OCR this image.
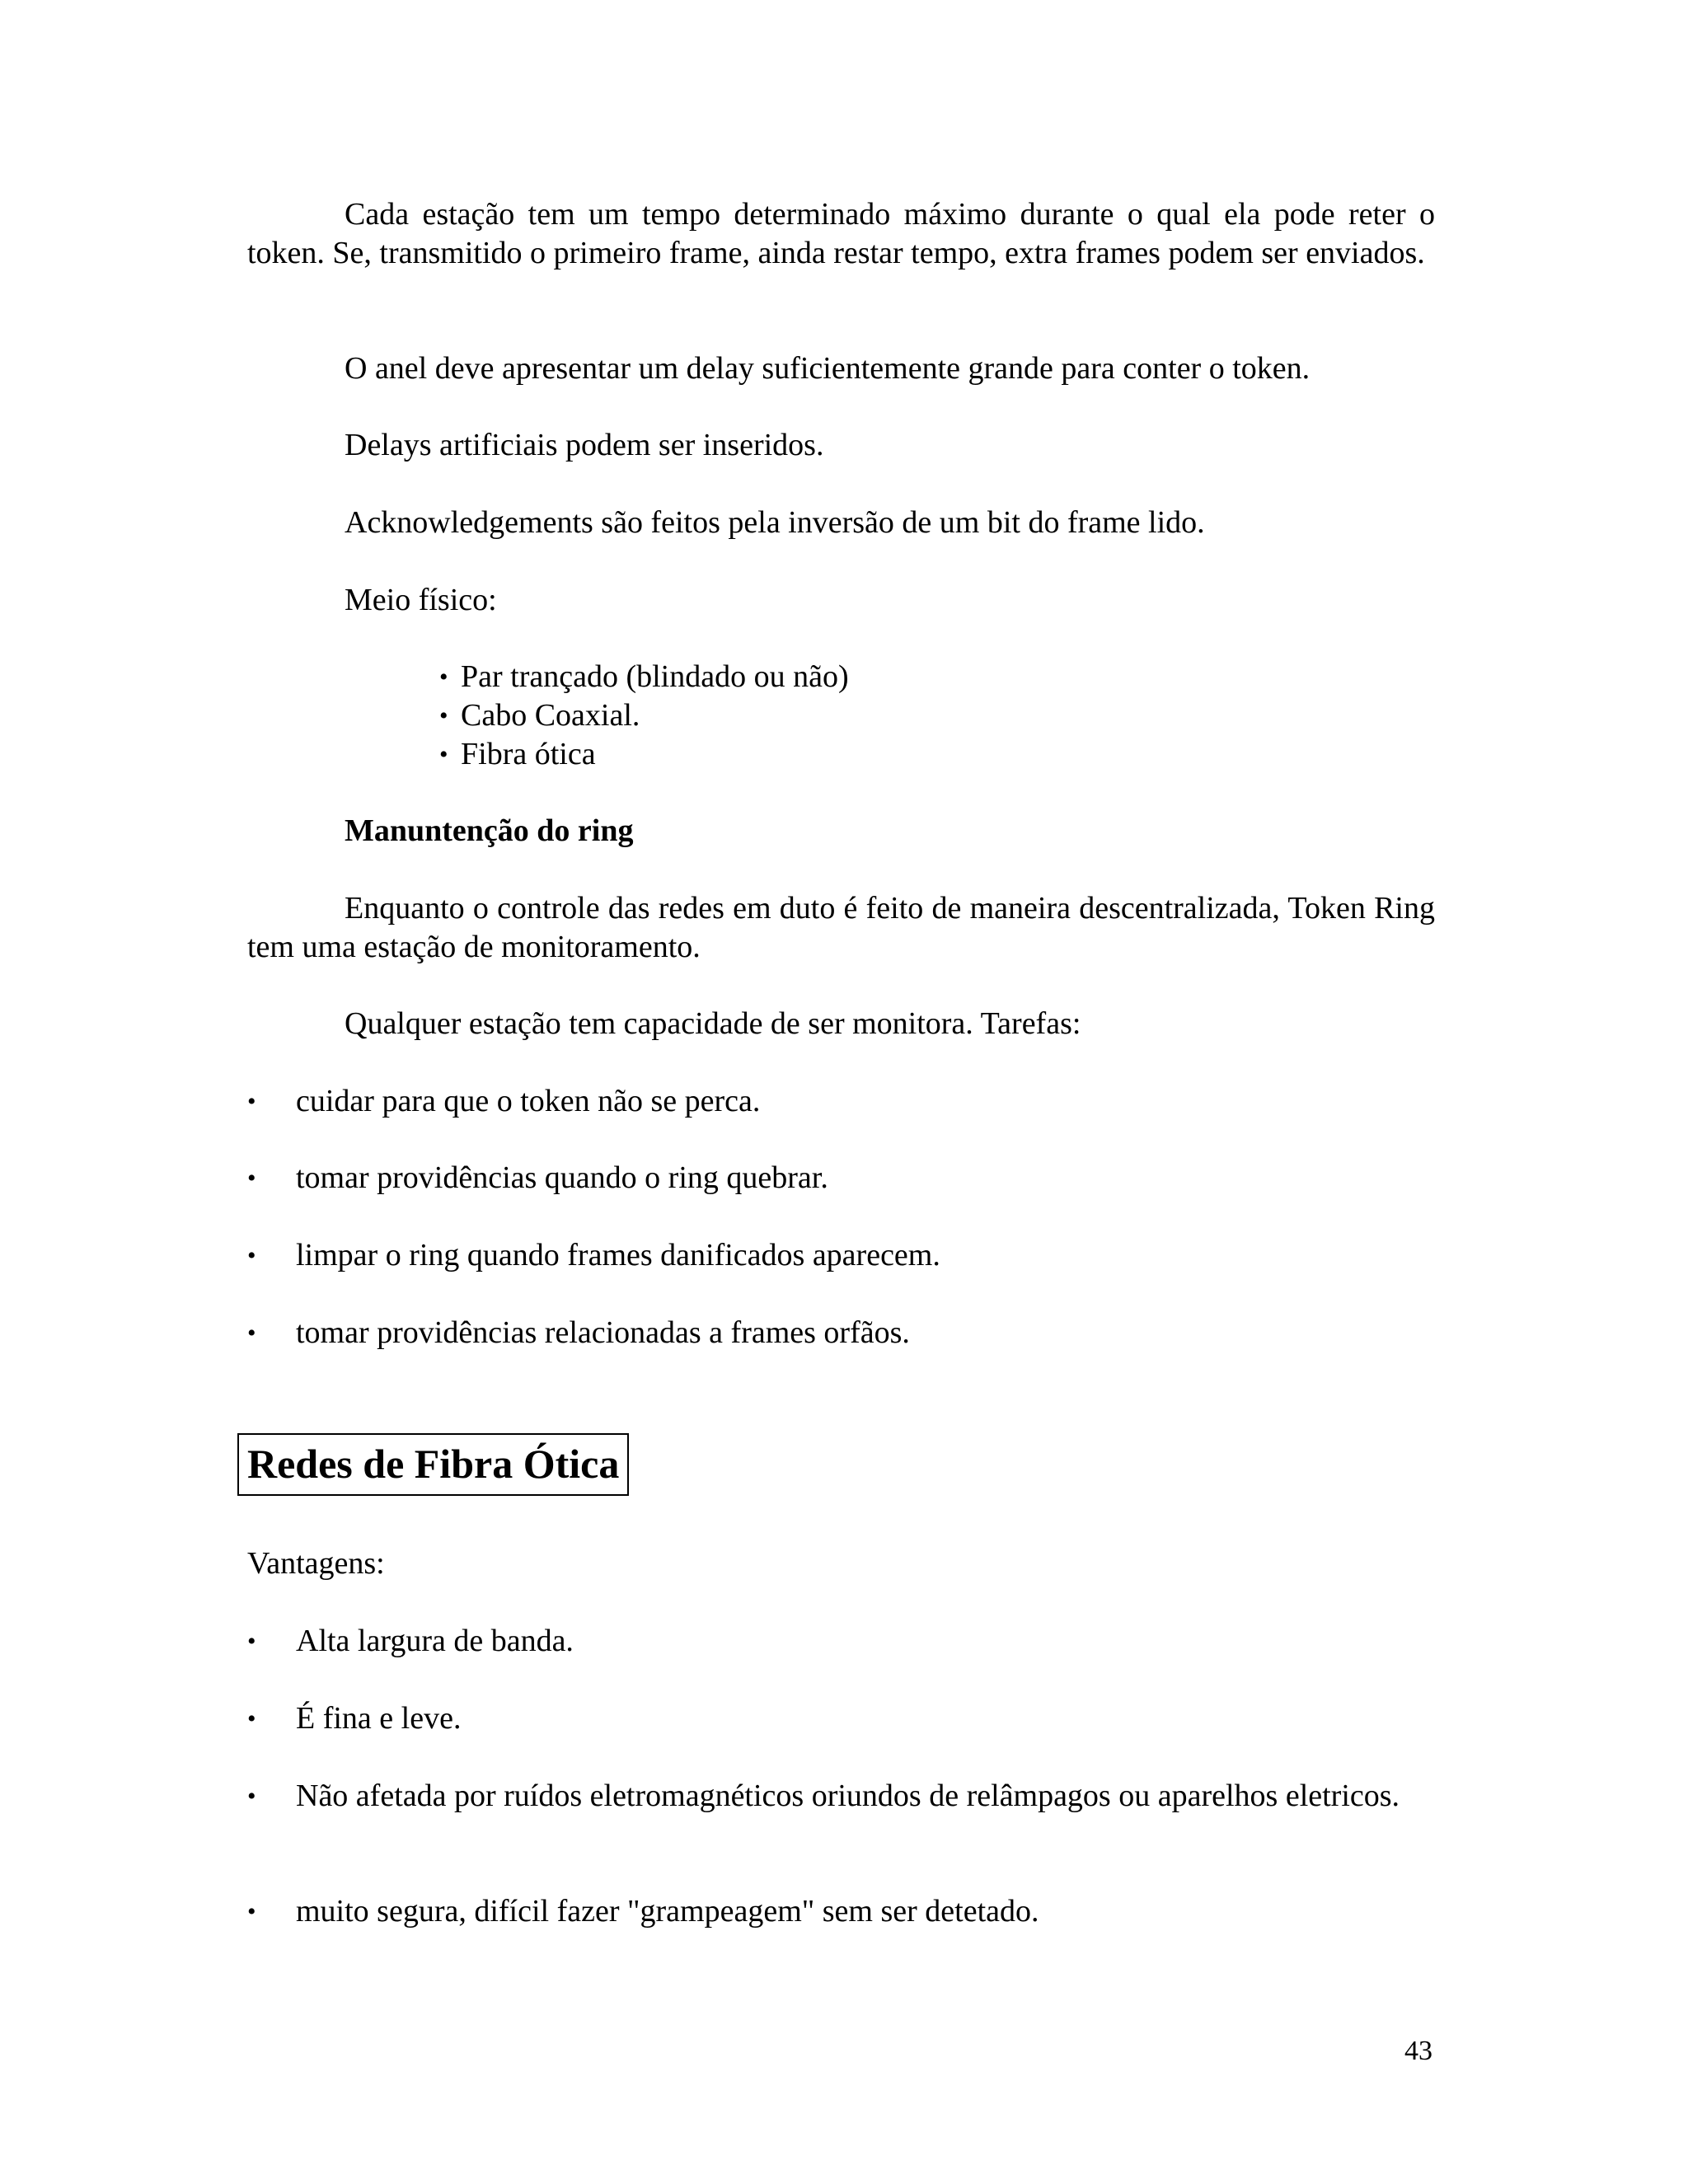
Cada estação tem um tempo determinado máximo durante o qual ela pode reter o token. Se, transmitido o primeiro frame, ainda restar tempo, extra frames podem ser enviados.

O anel deve apresentar um delay suficientemente grande para conter o token.

Delays artificiais podem ser inseridos.

Acknowledgements são feitos pela inversão de um bit do frame lido.

Meio físico:

• Par trançado (blindado ou não)
• Cabo Coaxial.
• Fibra ótica

Manuntenção do ring

Enquanto o controle das redes em duto é feito de maneira descentralizada, Token Ring tem uma estação de monitoramento.

Qualquer estação tem capacidade de ser monitora. Tarefas:

•	cuidar para que o token não se perca.
•	tomar providências quando o ring quebrar.
•	limpar o ring quando frames danificados aparecem.
•	tomar providências relacionadas a frames orfãos.
Redes de Fibra Ótica

Vantagens:

•	Alta largura de banda.
•	É fina e leve.
•	Não afetada por ruídos eletromagnéticos oriundos de relâmpagos ou aparelhos eletricos.
•	muito segura, difícil fazer "grampeagem" sem ser detetado.

43
